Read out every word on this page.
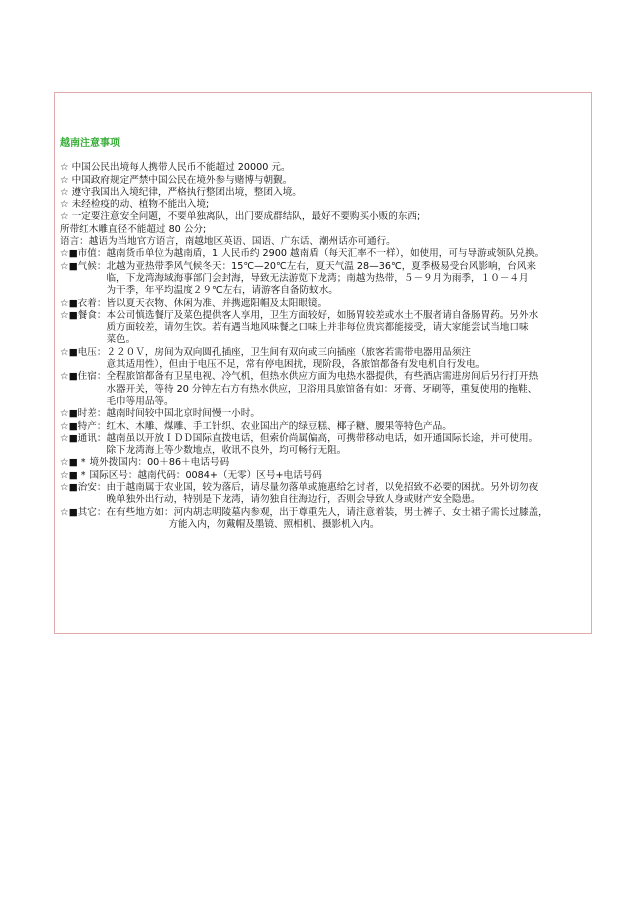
越南注意事项
☆ 中国公民出境每人携带人民币不能超过 20000 元。
☆ 中国政府规定严禁中国公民在境外参与赌博与朝觐。
☆ 遵守我国出入境纪律，严格执行整团出境，整团入境。
☆ 未经检疫的动、植物不能出入境;
☆ 一定要注意安全问题，不要单独离队，出门要成群结队，最好不要购买小贩的东西;
所带红木雕直径不能超过 80 公分;
语言：越语为当地官方语言，南越地区英语、国语、广东话、潮州话亦可通行。
☆■市值： 越南货币单位为越南盾，1 人民币约 2900 越南盾（每天汇率不一样），如使用，可与导游或领队兑换。
☆■气候： 北越为亚热带季风气候冬天：15℃—20℃左右，夏天气温 28—36℃，夏季极易受台风影响，台风来
临，下龙湾海域海事部门会封海，导致无法游览下龙湾；南越为热带，５－９月为雨季，１０－４月
为干季，年平均温度２９℃左右，请游客自备防蚊水。
☆■衣着： 皆以夏天衣物、休闲为准、并携遮阳帽及太阳眼镜。
☆■餐食： 本公司慎选餐厅及菜色提供客人享用，卫生方面较好，如肠胃较差或水土不服者请自备肠胃药。另外水
质方面较差，请勿生饮。若有遇当地风味餐之口味上并非每位贵宾都能接受，请大家能尝试当地口味
菜色。
☆■电压： ２２０Ｖ，房间为双向圆孔插座，卫生间有双向或三向插座（旅客若需带电器用品须注
意其适用性），但由于电压不足，常有停电困扰，现阶段，各旅馆都备有发电机自行发电。
☆■住宿： 全程旅馆都备有卫星电视、冷气机，但热水供应方面为电热水器提供，有些酒店需进房间后另行打开热
水器开关，等待 20 分钟左右方有热水供应，卫浴用具旅馆备有如：牙膏、牙刷等，重复使用的拖鞋、
毛巾等用品等。
☆■时差： 越南时间较中国北京时间慢一小时。
☆■特产： 红木、木雕、煤雕、手工针织、农业国出产的绿豆糕、椰子糖、腰果等特色产品。
☆■通讯： 越南虽以开放ＩＤＤ国际直拨电话，但索价尚属偏高，可携带移动电话，如开通国际长途，并可使用。
除下龙湾海上等少数地点，收讯不良外，均可畅行无阻。
☆■ * 境外拨国内：00＋86＋电话号码
☆■ * 国际区号：越南代码：0084+（无零）区号+电话号码
☆■治安： 由于越南属于农业国，较为落后，请尽量勿落单或施惠给乞讨者，以免招致不必要的困扰。另外切勿夜
晚单独外出行动，特别是下龙湾，请勿独自往海边行，否则会导致人身或财产安全隐患。
☆■其它： 在有些地方如：河内胡志明陵墓内参观，出于尊重先人，请注意着装，男士裤子、女士裙子需长过膝盖，
方能入内，勿戴帽及墨镜、照相机、摄影机入内。
